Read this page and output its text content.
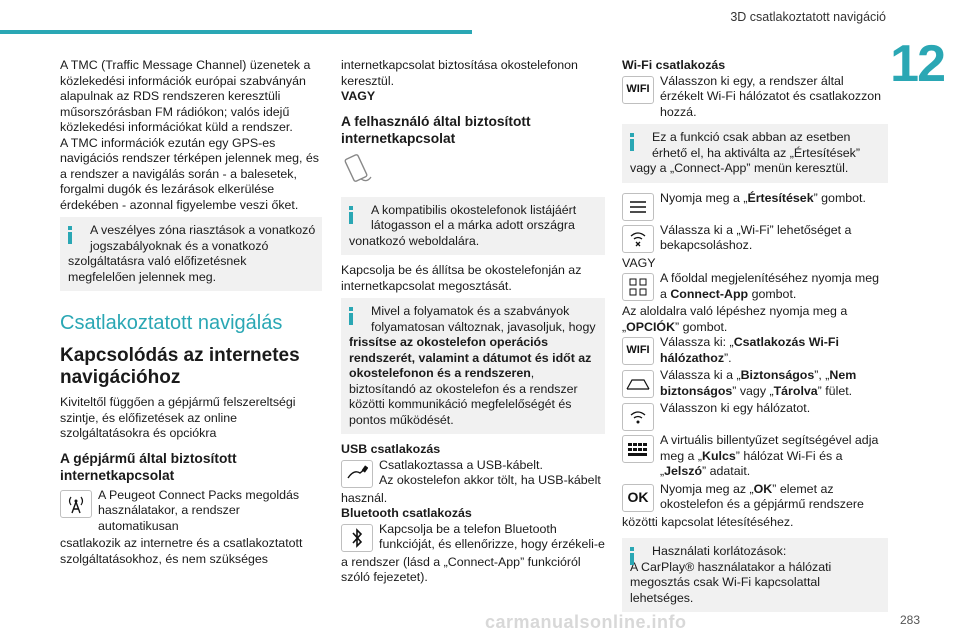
3D csatlakoztatott navigáció
12

A TMC (Traffic Message Channel) üzenetek a közlekedési információk európai szabványán alapulnak az RDS rendszeren keresztüli műsorszórásban FM rádiókon; valós idejű közlekedési információkat küld a rendszer.

A TMC információk ezután egy GPS-es navigációs rendszer térképen jelennek meg, és a rendszer a navigálás során - a balesetek, forgalmi dugók és lezárások elkerülése érdekében - azonnal figyelembe veszi őket.

A veszélyes zóna riasztások a vonatkozó jogszabályoknak és a vonatkozó
szolgáltatásra való előfizetésnek megfelelően jelennek meg.
Csatlakoztatott navigálás
Kapcsolódás az internetes navigációhoz

Kiviteltől függően a gépjármű felszereltségi szintje, és előfizetések az online szolgáltatásokra és opciókra

A gépjármű által biztosított internetkapcsolat
A Peugeot Connect Packs megoldás használatakor, a rendszer automatikusan
csatlakozik az internetre és a csatlakoztatott szolgáltatásokhoz, és nem szükséges

internetkapcsolat biztosítása okostelefonon keresztül.

VAGY

A felhasználó által biztosított internetkapcsolat
A kompatibilis okostelefonok listájáért látogasson el a márka adott országra
vonatkozó weboldalára.

Kapcsolja be és állítsa be okostelefonján az internetkapcsolat megosztását.

Mivel a folyamatok és a szabványok folyamatosan változnak, javasoljuk, hogy
frissítse az okostelefon operációs rendszerét, valamint a dátumot és időt az okostelefonon és a rendszeren, biztosítandó az okostelefon és a rendszer közötti kommunikáció megfelelőségét és pontos működését.
USB csatlakozás
Csatlakoztassa a USB-kábelt.
Az okostelefon akkor tölt, ha USB-kábelt
használ.
Bluetooth csatlakozás
Kapcsolja be a telefon Bluetooth funkcióját, és ellenőrizze, hogy érzékeli-e
a rendszer (lásd a „Connect-App” funkcióról szóló fejezetet).
Wi-Fi csatlakozás
WIFI
Válasszon ki egy, a rendszer által érzékelt Wi-Fi hálózatot és csatlakozzon hozzá.
Ez a funkció csak abban az esetben érhető el, ha aktiválta az „Értesítések”
vagy a „Connect-App” menün keresztül.
Nyomja meg a „Értesítések” gombot.
Válassza ki a „Wi-Fi” lehetőséget a bekapcsoláshoz.
VAGY
A főoldal megjelenítéséhez nyomja meg a Connect-App gombot.
Az aloldalra való lépéshez nyomja meg a „OPCIÓK” gombot.
WIFI
Válassza ki: „Csatlakozás Wi-Fi hálózathoz”.
Válassza ki a „Biztonságos”, „Nem biztonságos” vagy „Tárolva” fület.
Válasszon ki egy hálózatot.
A virtuális billentyűzet segítségével adja meg a „Kulcs” hálózat Wi-Fi és a „Jelszó” adatait.
OK
Nyomja meg az „OK” elemet az okostelefon és a gépjármű rendszere
közötti kapcsolat létesítéséhez.
Használati korlátozások:
A CarPlay® használatakor a hálózati megosztás csak Wi-Fi kapcsolattal lehetséges.
carmanualsonline.info	283
